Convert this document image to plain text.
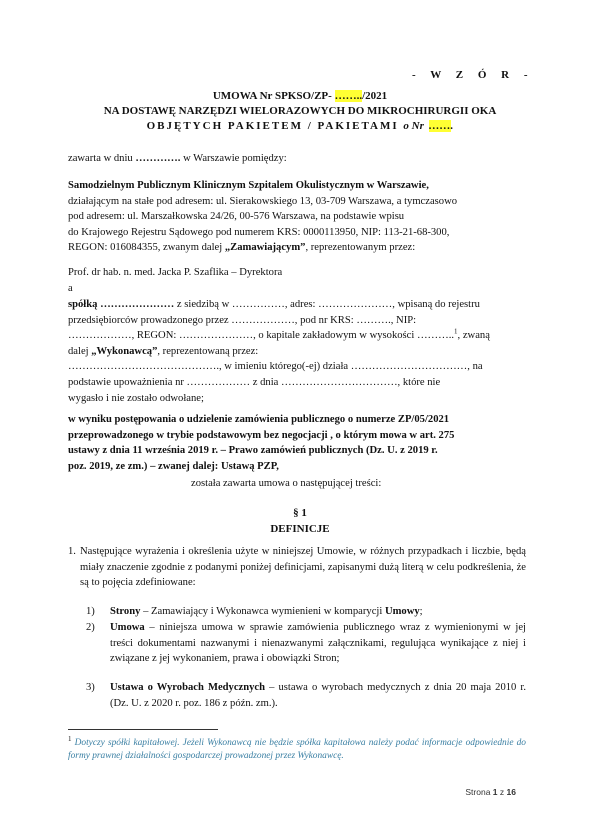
- W Z Ó R -
UMOWA Nr SPKSO/ZP- ……../2021
NA DOSTAWĘ NARZĘDZI WIELORAZOWYCH DO MIKROCHIRURGII OKA
OBJĘTYCH PAKIETEM / PAKIETAMI o Nr …….
zawarta w dniu …………. w Warszawie pomiędzy:
Samodzielnym Publicznym Klinicznym Szpitalem Okulistycznym w Warszawie,
działającym na stałe pod adresem: ul. Sierakowskiego 13, 03-709 Warszawa, a tymczasowo
pod adresem: ul. Marszałkowska 24/26, 00-576 Warszawa, na podstawie wpisu
do Krajowego Rejestru Sądowego pod numerem KRS: 0000113950, NIP: 113-21-68-300,
REGON: 016084355, zwanym dalej „Zamawiającym”, reprezentowanym przez:
Prof. dr hab. n. med. Jacka P. Szaflika – Dyrektora
a

spółką ………………… z siedzibą w ……………, adres: …………………, wpisaną do rejestru

przedsiębiorców prowadzonego przez ………………, pod nr KRS: ………., NIP:

………………, REGON: …………………, o kapitale zakładowym w wysokości ………..$^1$, zwaną

dalej „Wykonawcą”, reprezentowaną przez:

……………………………………., w imieniu którego(-ej) działa ……………………………, na

podstawie upoważnienia nr ……………… z dnia ……………………………, które nie

wygasło i nie zostało odwołane;

w wyniku postępowania o udzielenie zamówienia publicznego o numerze ZP/05/2021

przeprowadzonego w trybie podstawowym bez negocjacji , o którym mowa w art. 275

ustawy z dnia 11 września 2019 r. – Prawo zamówień publicznych (Dz. U. z 2019 r.

poz. 2019, ze zm.) – zwanej dalej: Ustawą PZP,

została zawarta umowa o następującej treści:
§ 1
DEFINICJE
1. Następujące wyrażenia i określenia użyte w niniejszej Umowie, w różnych przypadkach i liczbie, będą miały znaczenie zgodnie z podanymi poniżej definicjami, zapisanymi dużą literą w celu podkreślenia, że są to pojęcia zdefiniowane:
1) Strony – Zamawiający i Wykonawca wymienieni w komparycji Umowy;
2) Umowa – niniejsza umowa w sprawie zamówienia publicznego wraz z wymienionymi w jej treści dokumentami nazwanymi i nienazwanymi załącznikami, regulująca wynikające z niej i związane z jej wykonaniem, prawa i obowiązki Stron;
3) Ustawa o Wyrobach Medycznych – ustawa o wyrobach medycznych z dnia 20 maja 2010 r. (Dz. U. z 2020 r. poz. 186 z późn. zm.).
$^1$ Dotyczy spółki kapitałowej. Jeżeli Wykonawcą nie będzie spółka kapitałowa należy podać informacje odpowiednie do formy prawnej działalności gospodarczej prowadzonej przez Wykonawcę.
Strona 1 z 16
